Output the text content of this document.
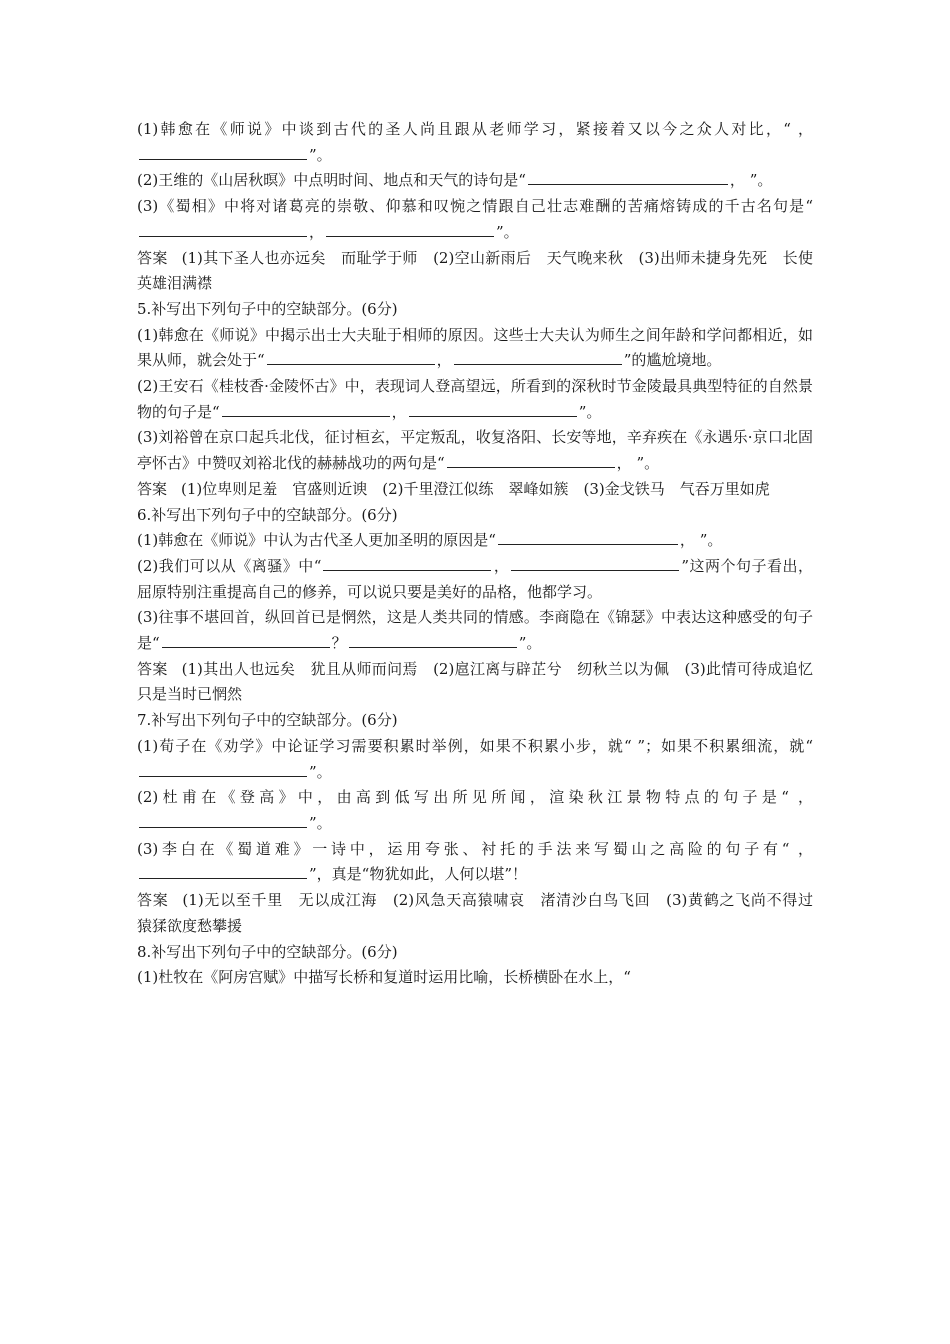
(1)韩愈在《师说》中谈到古代的圣人尚且跟从老师学习，紧接着又以今之众人对比，“ ，”。

(2)王维的《山居秋暝》中点明时间、地点和天气的诗句是“	， ”。

(3)《蜀相》中将对诸葛亮的崇敬、仰慕和叹惋之情跟自己壮志难酬的苦痛熔铸成的千古名句是“，	”。

答案 (1)其下圣人也亦远矣　而耻学于师　(2)空山新雨后　天气晚来秋　(3)出师未捷身先死　长使英雄泪满襟

5.补写出下列句子中的空缺部分。(6分)

(1)韩愈在《师说》中揭示出士大夫耻于相师的原因。这些士大夫认为师生之间年龄和学问都相近，如果从师，就会处于“	，	”的尴尬境地。

(2)王安石《桂枝香·金陵怀古》中，表现词人登高望远，所看到的深秋时节金陵最具典型特征的自然景物的句子是“	，	”。

(3)刘裕曾在京口起兵北伐，征讨桓玄，平定叛乱，收复洛阳、长安等地，辛弃疾在《永遇乐·京口北固亭怀古》中赞叹刘裕北伐的赫赫战功的两句是“	， ”。

答案 (1)位卑则足羞　官盛则近谀　(2)千里澄江似练　翠峰如簇　(3)金戈铁马　气吞万里如虎

6.补写出下列句子中的空缺部分。(6分)

(1)韩愈在《师说》中认为古代圣人更加圣明的原因是“	， ”。

(2)我们可以从《离骚》中“	，	”这两个句子看出，屈原特别注重提高自己的修养，可以说只要是美好的品格，他都学习。

(3)往事不堪回首，纵回首已是惘然，这是人类共同的情感。李商隐在《锦瑟》中表达这种感受的句子是“	？	”。

答案 (1)其出人也远矣　犹且从师而问焉　(2)扈江离与辟芷兮　纫秋兰以为佩　(3)此情可待成追忆　只是当时已惘然

7.补写出下列句子中的空缺部分。(6分)

(1)荀子在《劝学》中论证学习需要积累时举例，如果不积累小步，就“ ”；如果不积累细流，就“”。

(2)杜甫在《登高》中，由高到低写出所见所闻，渲染秋江景物特点的句子是“ ，”。

(3)李白在《蜀道难》一诗中，运用夸张、衬托的手法来写蜀山之高险的句子有“ ，”，真是“物犹如此，人何以堪”！

答案 (1)无以至千里　无以成江海　(2)风急天高猿啸哀　渚清沙白鸟飞回　(3)黄鹤之飞尚不得过　猿猱欲度愁攀援

8.补写出下列句子中的空缺部分。(6分)

(1)杜牧在《阿房宫赋》中描写长桥和复道时运用比喻，长桥横卧在水上，“
